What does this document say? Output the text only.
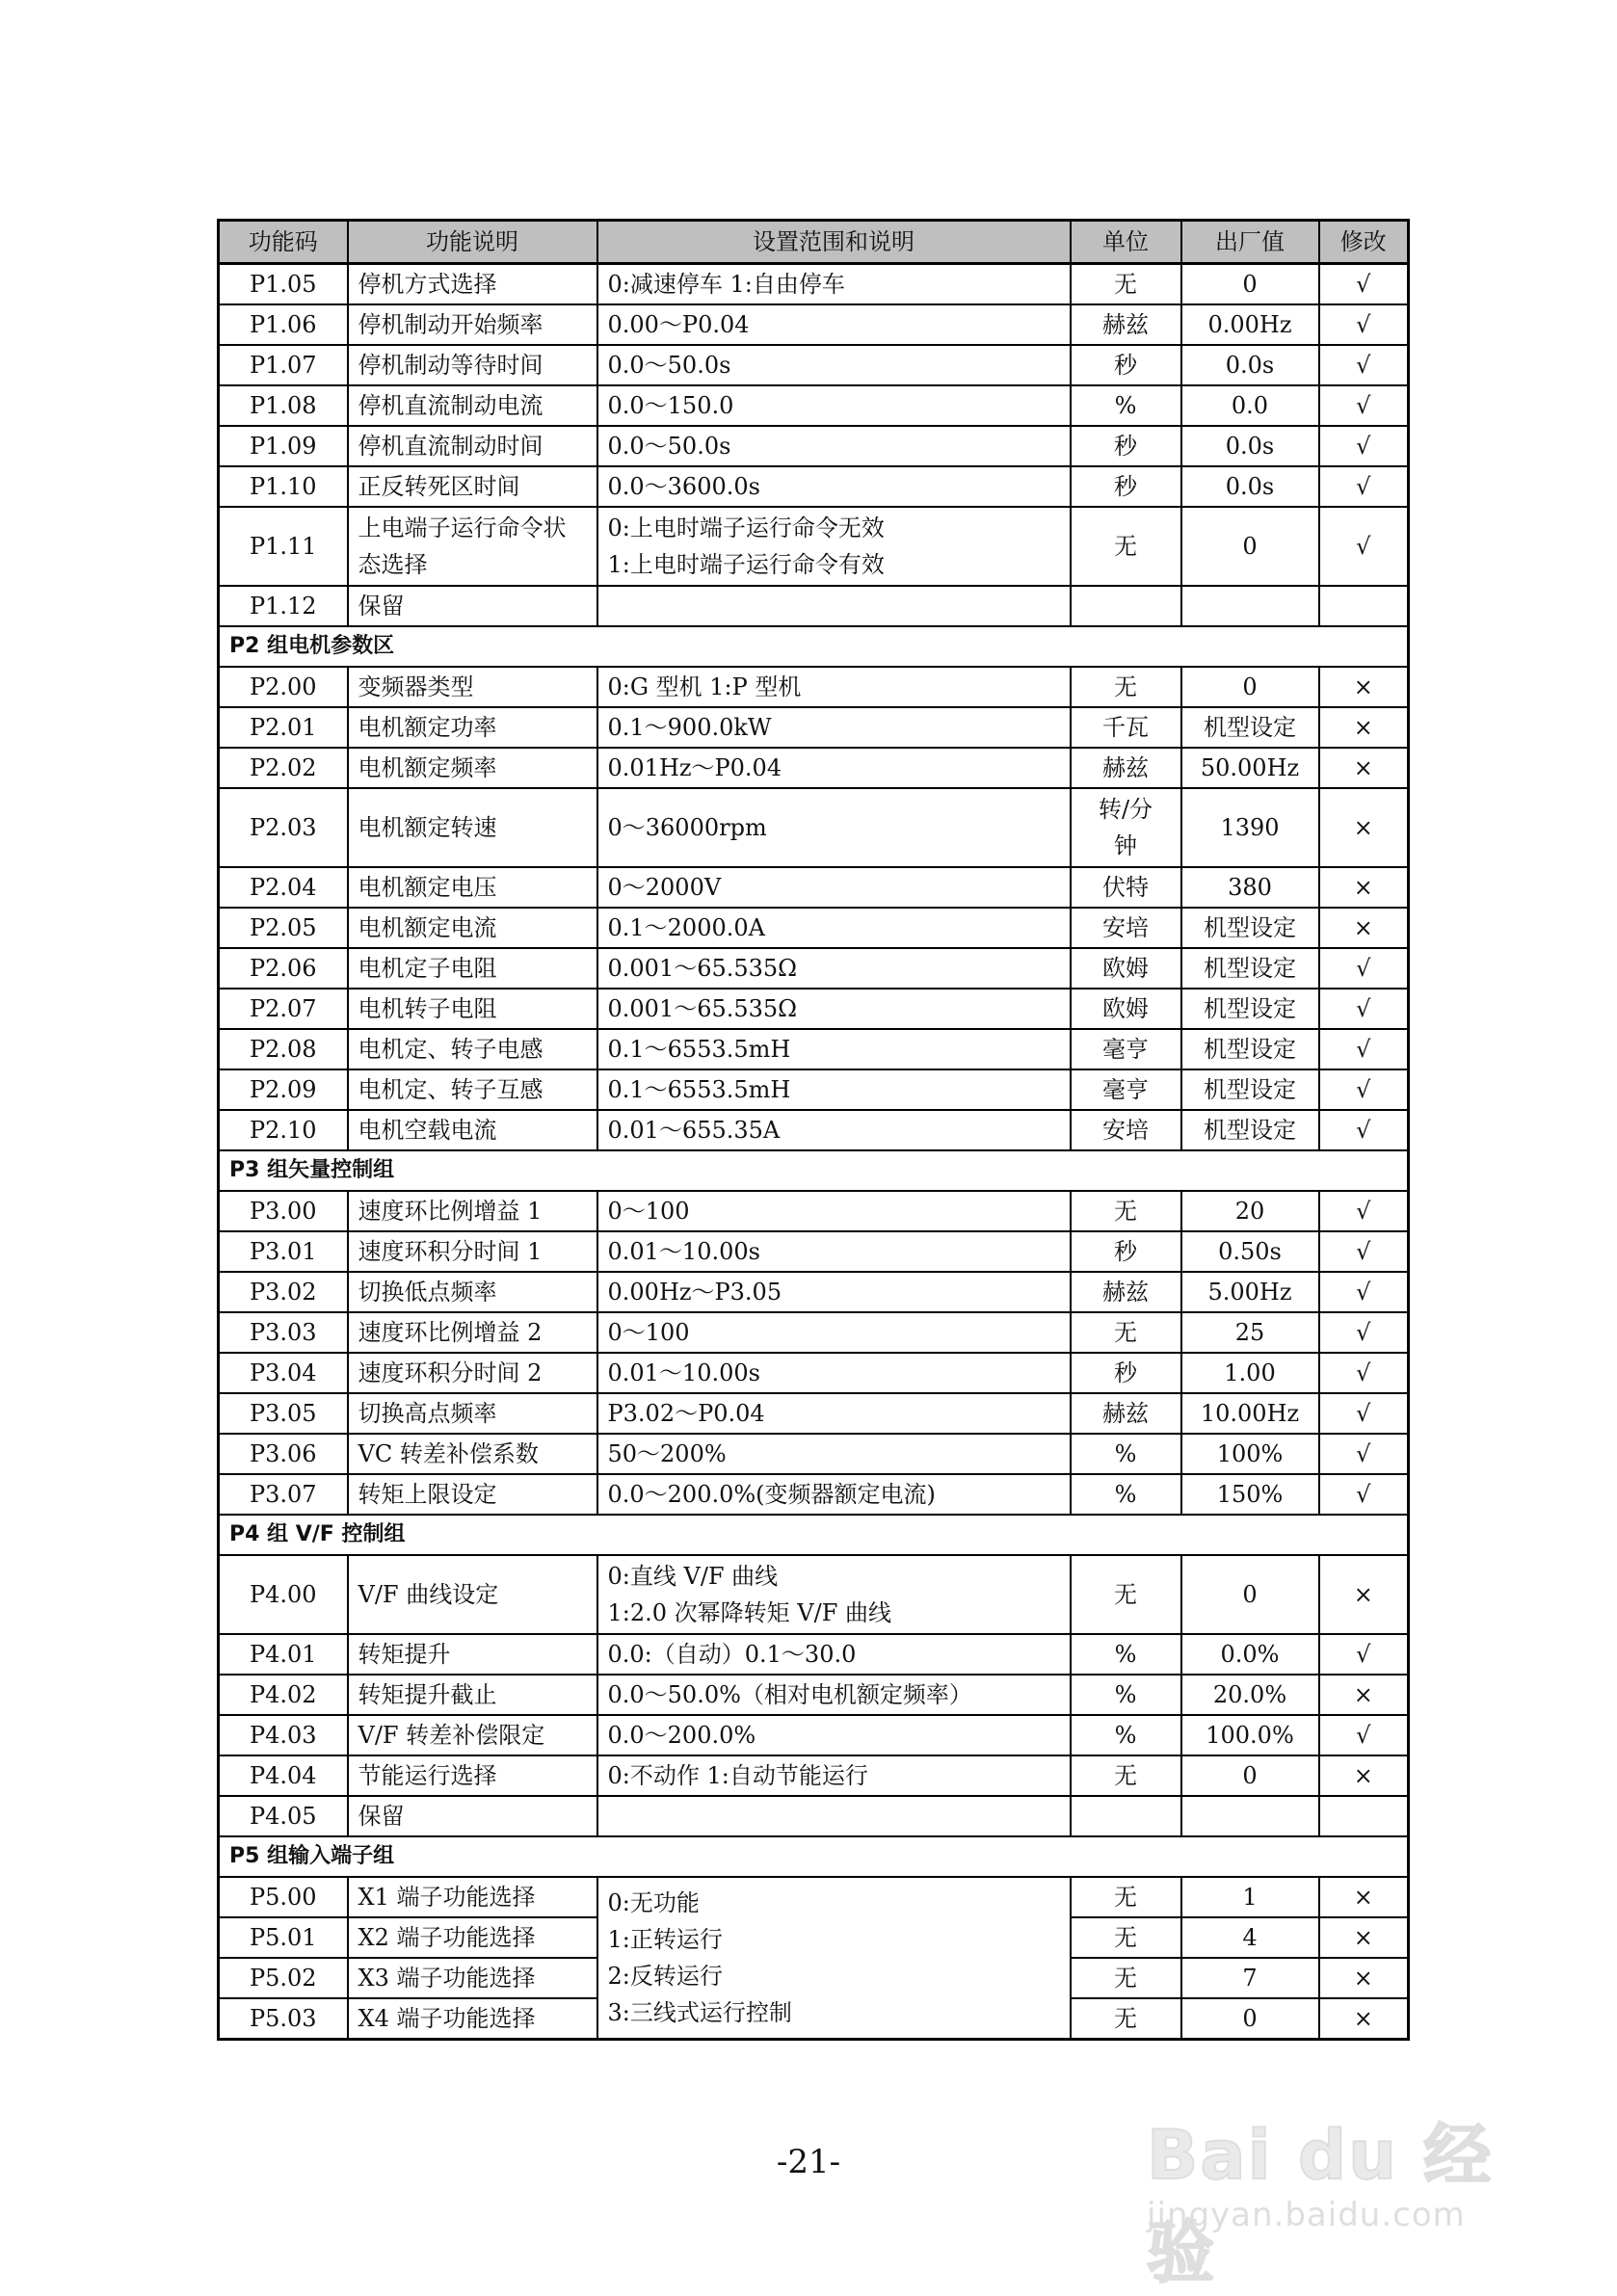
功能码	功能说明	设置范围和说明	单位	出厂值	修改
P1.05	停机方式选择	0:减速停车 1:自由停车	无	0	√
P1.06	停机制动开始频率	0.00～P0.04	赫兹	0.00Hz	√
P1.07	停机制动等待时间	0.0～50.0s	秒	0.0s	√
P1.08	停机直流制动电流	0.0～150.0	%	0.0	√
P1.09	停机直流制动时间	0.0～50.0s	秒	0.0s	√
P1.10	正反转死区时间	0.0～3600.0s	秒	0.0s	√
P1.11	上电端子运行命令状态选择	0:上电时端子运行命令无效
1:上电时端子运行命令有效	无	0	√
P1.12	保留				
P2 组电机参数区					
P2.00	变频器类型	0:G 型机 1:P 型机	无	0	×
P2.01	电机额定功率	0.1～900.0kW	千瓦	机型设定	×
P2.02	电机额定频率	0.01Hz～P0.04	赫兹	50.00Hz	×
P2.03	电机额定转速	0～36000rpm	转/分
钟	1390	×
P2.04	电机额定电压	0～2000V	伏特	380	×
P2.05	电机额定电流	0.1～2000.0A	安培	机型设定	×
P2.06	电机定子电阻	0.001～65.535Ω	欧姆	机型设定	√
P2.07	电机转子电阻	0.001～65.535Ω	欧姆	机型设定	√
P2.08	电机定、转子电感	0.1～6553.5mH	毫亨	机型设定	√
P2.09	电机定、转子互感	0.1～6553.5mH	毫亨	机型设定	√
P2.10	电机空载电流	0.01～655.35A	安培	机型设定	√
P3 组矢量控制组					
P3.00	速度环比例增益 1	0～100	无	20	√
P3.01	速度环积分时间 1	0.01～10.00s	秒	0.50s	√
P3.02	切换低点频率	0.00Hz～P3.05	赫兹	5.00Hz	√
P3.03	速度环比例增益 2	0～100	无	25	√
P3.04	速度环积分时间 2	0.01～10.00s	秒	1.00	√
P3.05	切换高点频率	P3.02～P0.04	赫兹	10.00Hz	√
P3.06	VC 转差补偿系数	50～200%	%	100%	√
P3.07	转矩上限设定	0.0～200.0%(变频器额定电流)	%	150%	√
P4 组 V/F 控制组					
P4.00	V/F 曲线设定	0:直线 V/F 曲线
1:2.0 次幂降转矩 V/F 曲线	无	0	×
P4.01	转矩提升	0.0:（自动）0.1～30.0	%	0.0%	√
P4.02	转矩提升截止	0.0～50.0%（相对电机额定频率）	%	20.0%	×
P4.03	V/F 转差补偿限定	0.0～200.0%	%	100.0%	√
P4.04	节能运行选择	0:不动作 1:自动节能运行	无	0	×
P4.05	保留				
P5 组输入端子组					
P5.00	X1 端子功能选择	0:无功能
1:正转运行
2:反转运行
3:三线式运行控制	无	1	×
P5.01	X2 端子功能选择		无	4	×
P5.02	X3 端子功能选择		无	7	×
P5.03	X4 端子功能选择		无	0	×
-21-	Bai du 经验
jingyan.baidu.com
